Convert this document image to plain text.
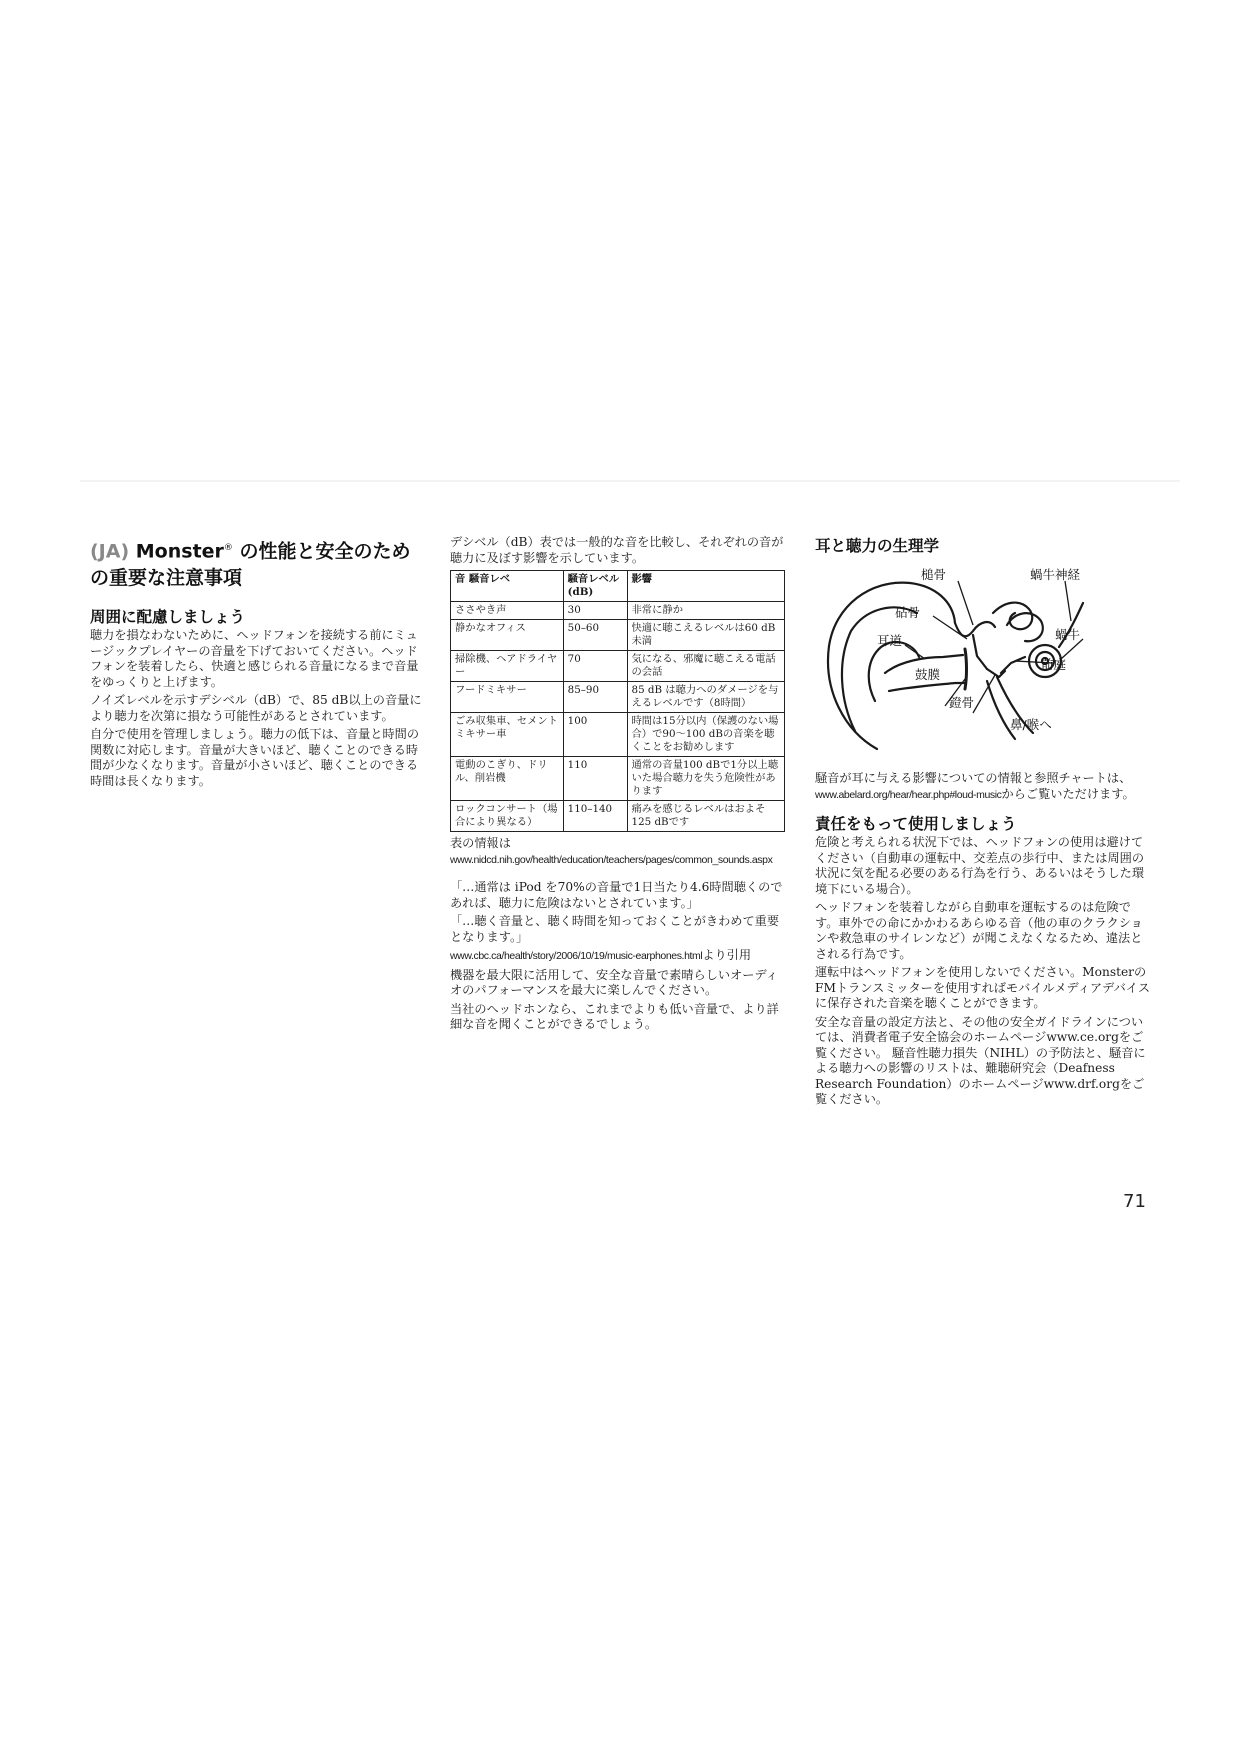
(JA) Monster® の性能と安全のための重要な注意事項
周囲に配慮しましょう

聴力を損なわないために、ヘッドフォンを接続する前にミュージックプレイヤーの音量を下げておいてください。ヘッドフォンを装着したら、快適と感じられる音量になるまで音量をゆっくりと上げます。

ノイズレベルを示すデシベル（dB）で、85 dB以上の音量により聴力を次第に損なう可能性があるとされています。

自分で使用を管理しましょう。聴力の低下は、音量と時間の関数に対応します。音量が大きいほど、聴くことのできる時間が少なくなります。音量が小さいほど、聴くことのできる時間は長くなります。

デシベル（dB）表では一般的な音を比較し、それぞれの音が聴力に及ぼす影響を示しています。

音 騒音レベ	騒音レベル(dB)	影響
ささやき声	30	非常に静か
静かなオフィス	50–60	快適に聴こえるレベルは60 dB 未満
掃除機、ヘアドライヤー	70	気になる、邪魔に聴こえる電話の会話
フードミキサー	85–90	85 dB は聴力へのダメージを与えるレベルです（8時間）
ごみ収集車、セメントミキサー車	100	時間は15分以内（保護のない場合）で90〜100 dBの音楽を聴くことをお勧めします
電動のこぎり、ドリル、削岩機	110	通常の音量100 dBで1分以上聴いた場合聴力を失う危険性があります
ロックコンサート（場合により異なる）	110–140	痛みを感じるレベルはおよそ125 dBです

表の情報はwww.nidcd.nih.gov/health/education/teachers/pages/common_sounds.aspx

「…通常は iPod を70%の音量で1日当たり4.6時間聴くのであれば、聴力に危険はないとされています。」

「…聴く音量と、聴く時間を知っておくことがきわめて重要となります。」

www.cbc.ca/health/story/2006/10/19/music-earphones.htmlより引用

機器を最大限に活用して、安全な音量で素晴らしいオーディオのパフォーマンスを最大に楽しんでください。

当社のヘッドホンなら、これまでよりも低い音量で、より詳細な音を聞くことができるでしょう。

耳と聴力の生理学
槌骨	蝸牛神経
砧骨
耳道	蝸牛
前庭
鼓膜
鐙骨
鼻/喉へ

騒音が耳に与える影響についての情報と参照チャートは、www.abelard.org/hear/hear.php#loud-musicからご覧いただけます。

責任をもって使用しましょう

危険と考えられる状況下では、ヘッドフォンの使用は避けてください（自動車の運転中、交差点の歩行中、または周囲の状況に気を配る必要のある行為を行う、あるいはそうした環境下にいる場合）。

ヘッドフォンを装着しながら自動車を運転するのは危険です。車外での命にかかわるあらゆる音（他の車のクラクションや救急車のサイレンなど）が聞こえなくなるため、違法とされる行為です。

運転中はヘッドフォンを使用しないでください。MonsterのFMトランスミッターを使用すればモバイルメディアデバイスに保存された音楽を聴くことができます。

安全な音量の設定方法と、その他の安全ガイドラインについては、消費者電子安全協会のホームページwww.ce.orgをご覧ください。 騒音性聴力損失（NIHL）の予防法と、騒音による聴力への影響のリストは、難聴研究会（Deafness Research Foundation）のホームページwww.drf.orgをご覧ください。

71
